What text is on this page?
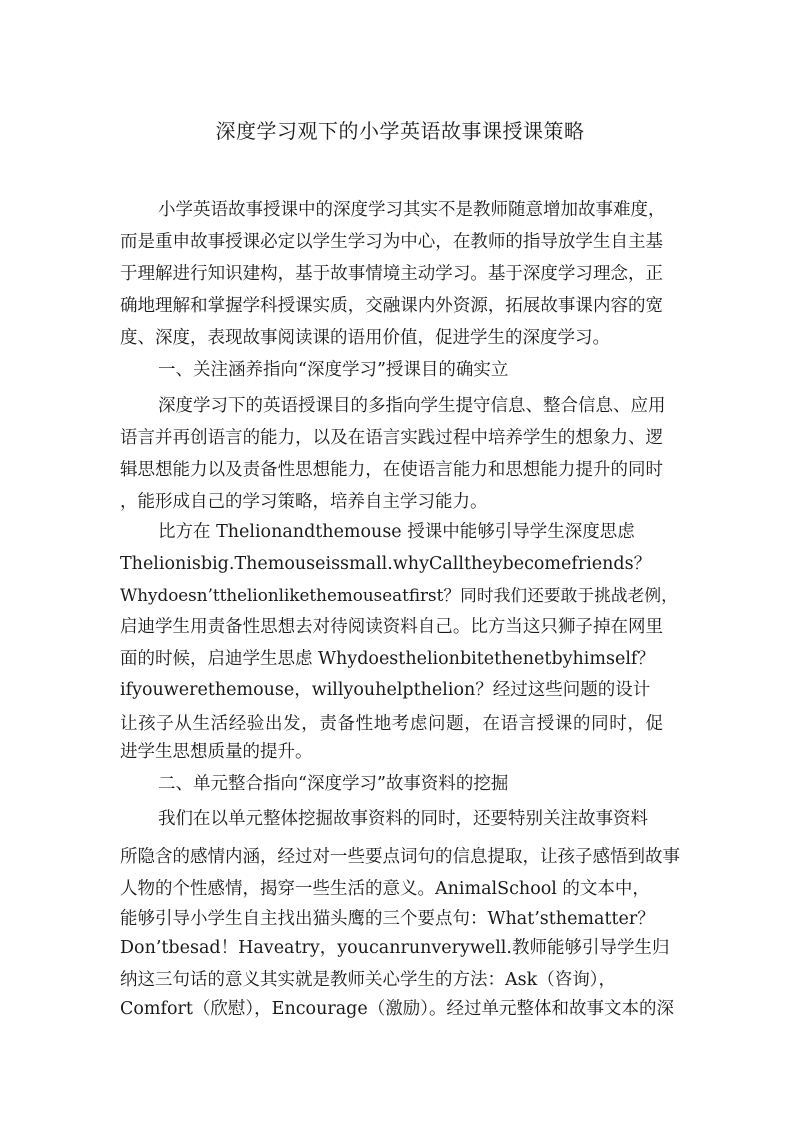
深度学习观下的小学英语故事课授课策略
小学英语故事授课中的深度学习其实不是教师随意增加故事难度，
而是重申故事授课必定以学生学习为中心，在教师的指导放学生自主基
于理解进行知识建构，基于故事情境主动学习。基于深度学习理念，正
确地理解和掌握学科授课实质，交融课内外资源，拓展故事课内容的宽
度、深度，表现故事阅读课的语用价值，促进学生的深度学习。
一、关注涵养指向“深度学习”授课目的确实立
深度学习下的英语授课目的多指向学生提守信息、整合信息、应用
语言并再创语言的能力，以及在语言实践过程中培养学生的想象力、逻
辑思想能力以及责备性思想能力，在使语言能力和思想能力提升的同时
，能形成自己的学习策略，培养自主学习能力。
比方在 Thelionandthemouse 授课中能够引导学生深度思虑
Thelionisbig.Themouseissmall.whyCalltheybecomefriends？
Whydoesn’tthelionlikethemouseatfirst？同时我们还要敢于挑战老例，
启迪学生用责备性思想去对待阅读资料自己。比方当这只狮子掉在网里
面的时候，启迪学生思虑 Whydoesthelionbitethenetbyhimself？
ifyouwerethemouse，willyouhelpthelion？经过这些问题的设计
让孩子从生活经验出发，责备性地考虑问题，在语言授课的同时，促
进学生思想质量的提升。
二、单元整合指向“深度学习”故事资料的挖掘
我们在以单元整体挖掘故事资料的同时，还要特别关注故事资料
所隐含的感情内涵，经过对一些要点词句的信息提取，让孩子感悟到故事
人物的个性感情，揭穿一些生活的意义。AnimalSchool 的文本中，
能够引导小学生自主找出猫头鹰的三个要点句：What’sthematter？
Don’tbesad！Haveatry，youcanrunverywell.教师能够引导学生归
纳这三句话的意义其实就是教师关心学生的方法：Ask（咨询），
Comfort（欣慰），Encourage（激励）。经过单元整体和故事文本的深
